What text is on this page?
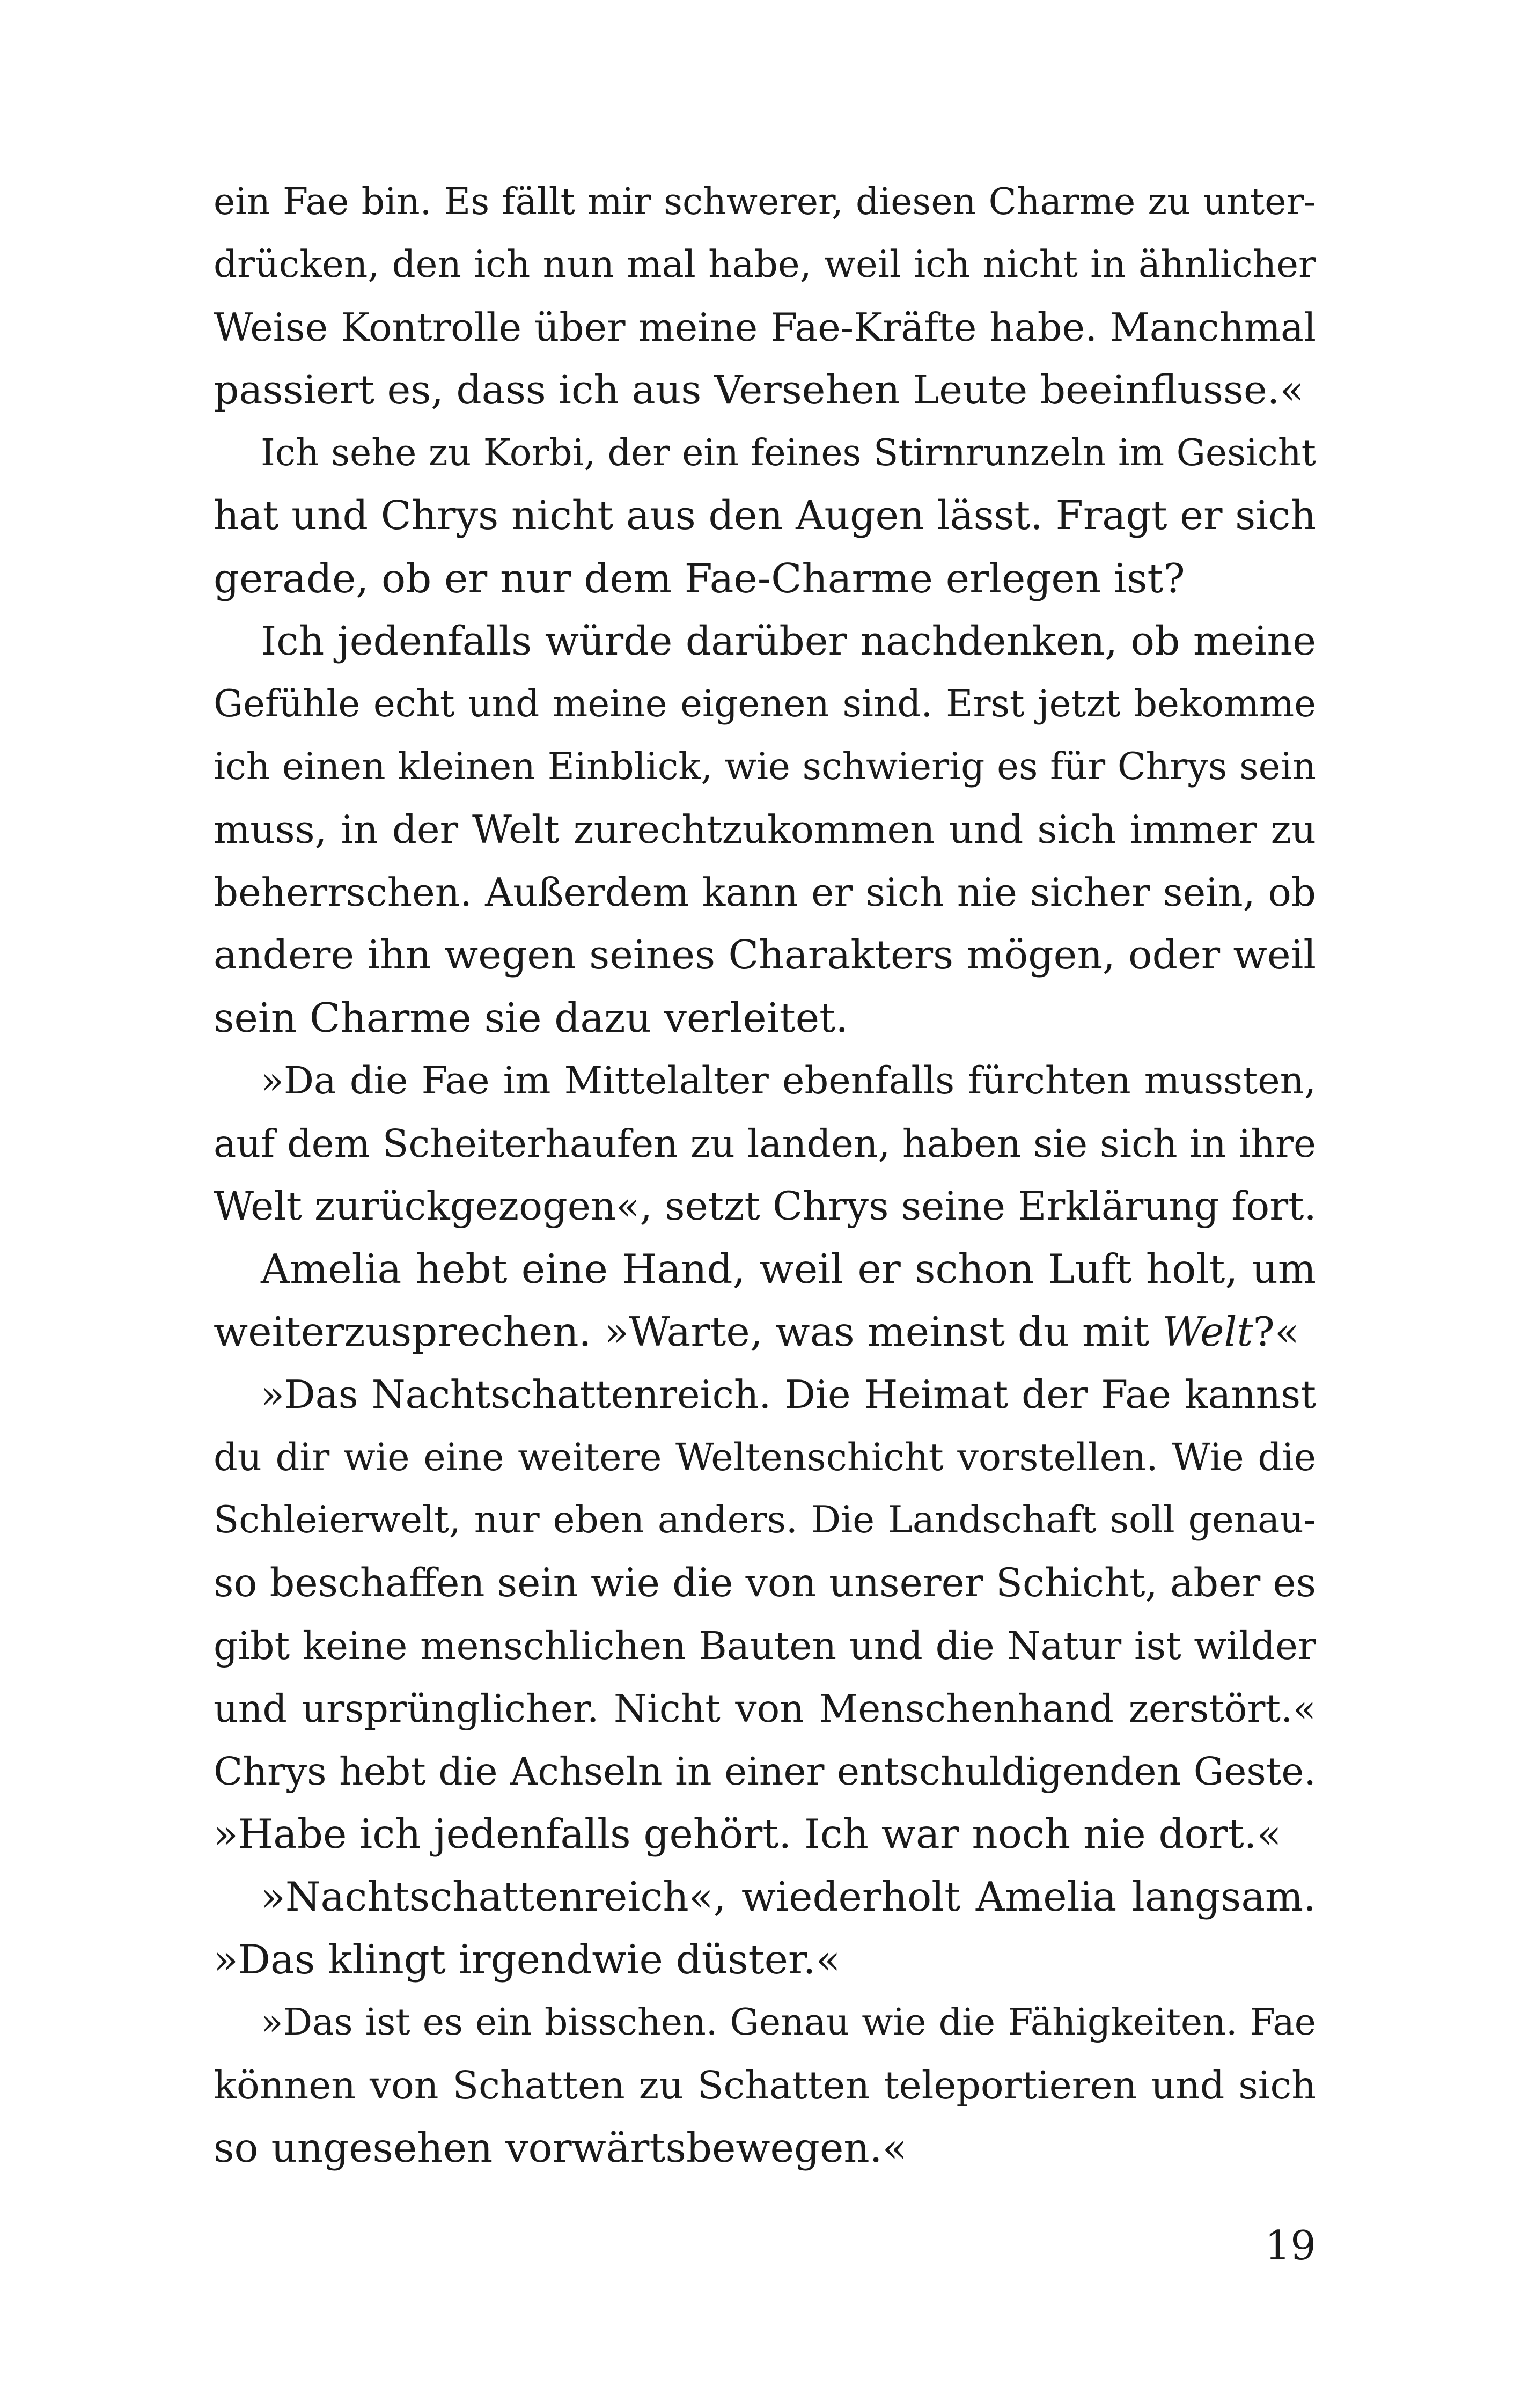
ein Fae bin. Es fällt mir schwerer, diesen Charme zu unter-
drücken, den ich nun mal habe, weil ich nicht in ähnlicher
Weise Kontrolle über meine Fae-Kräfte habe. Manchmal
passiert es, dass ich aus Versehen Leute beeinflusse.«
Ich sehe zu Korbi, der ein feines Stirnrunzeln im Gesicht
hat und Chrys nicht aus den Augen lässt. Fragt er sich
gerade, ob er nur dem Fae-Charme erlegen ist?
Ich jedenfalls würde darüber nachdenken, ob meine
Gefühle echt und meine eigenen sind. Erst jetzt bekomme
ich einen kleinen Einblick, wie schwierig es für Chrys sein
muss, in der Welt zurechtzukommen und sich immer zu
beherrschen. Außerdem kann er sich nie sicher sein, ob
andere ihn wegen seines Charakters mögen, oder weil
sein Charme sie dazu verleitet.
»Da die Fae im Mittelalter ebenfalls fürchten mussten,
auf dem Scheiterhaufen zu landen, haben sie sich in ihre
Welt zurückgezogen«, setzt Chrys seine Erklärung fort.
Amelia hebt eine Hand, weil er schon Luft holt, um
weiterzusprechen. »Warte, was meinst du mit Welt?«
»Das Nachtschattenreich. Die Heimat der Fae kannst
du dir wie eine weitere Weltenschicht vorstellen. Wie die
Schleierwelt, nur eben anders. Die Landschaft soll genau-
so beschaffen sein wie die von unserer Schicht, aber es
gibt keine menschlichen Bauten und die Natur ist wilder
und ursprünglicher. Nicht von Menschenhand zerstört.«
Chrys hebt die Achseln in einer entschuldigenden Geste.
»Habe ich jedenfalls gehört. Ich war noch nie dort.«
»Nachtschattenreich«, wiederholt Amelia langsam.
»Das klingt irgendwie düster.«
»Das ist es ein bisschen. Genau wie die Fähigkeiten. Fae
können von Schatten zu Schatten teleportieren und sich
so ungesehen vorwärtsbewegen.«
19
